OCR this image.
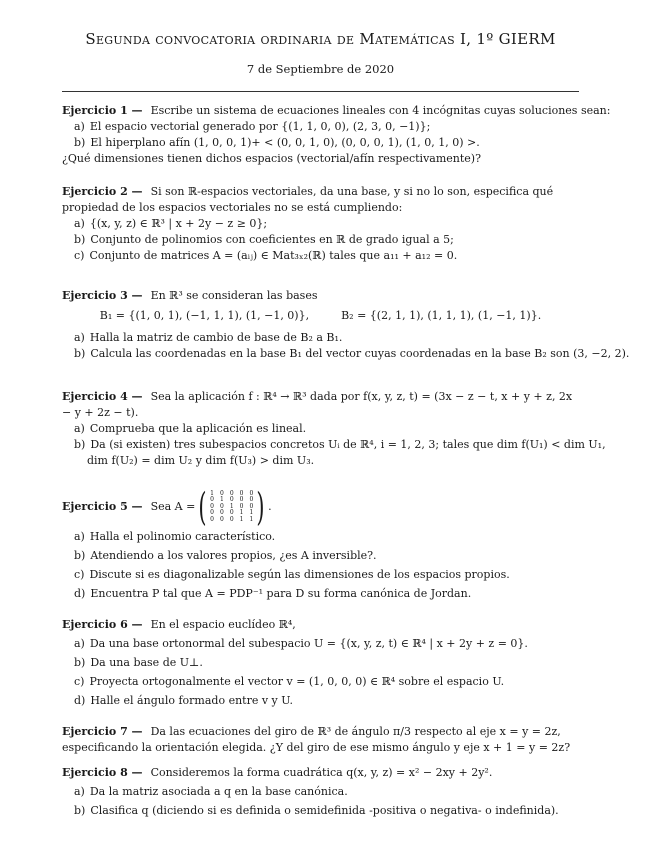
Segunda convocatoria ordinaria de Matemáticas I, 1º GIERM
7 de Septiembre de 2020
Ejercicio 1 — Escribe un sistema de ecuaciones lineales con 4 incógnitas cuyas soluciones sean:
a) El espacio vectorial generado por {(1, 1, 0, 0), (2, 3, 0, −1)};
b) El hiperplano afín (1, 0, 0, 1)+ < (0, 0, 1, 0), (0, 0, 0, 1), (1, 0, 1, 0) >.
¿Qué dimensiones tienen dichos espacios (vectorial/afín respectivamente)?
Ejercicio 2 — Si son ℝ-espacios vectoriales, da una base, y si no lo son, especifica qué propiedad de los espacios vectoriales no se está cumpliendo:
a) {(x, y, z) ∈ ℝ³ | x + 2y − z ≥ 0};
b) Conjunto de polinomios con coeficientes en ℝ de grado igual a 5;
c) Conjunto de matrices A = (aᵢⱼ) ∈ Mat₃ₓ₂(ℝ) tales que a₁₁ + a₁₂ = 0.
Ejercicio 3 — En ℝ³ se consideran las bases
B₁ = {(1, 0, 1), (−1, 1, 1), (1, −1, 0)},	B₂ = {(2, 1, 1), (1, 1, 1), (1, −1, 1)}.
a) Halla la matriz de cambio de base de B₂ a B₁.
b) Calcula las coordenadas en la base B₁ del vector cuyas coordenadas en la base B₂ son (3, −2, 2).
Ejercicio 4 — Sea la aplicación f : ℝ⁴ → ℝ³ dada por f(x, y, z, t) = (3x − z − t, x + y + z, 2x − y + 2z − t).
a) Comprueba que la aplicación es lineal.
b) Da (si existen) tres subespacios concretos Uᵢ de ℝ⁴, i = 1, 2, 3; tales que dim f(U₁) < dim U₁,
dim f(U₂) = dim U₂ y dim f(U₃) > dim U₃.
Ejercicio 5 — Sea A = ( 1	0	0	0	0
0	1	0	0	0
0	0	1	0	0
0	0	0	1	1
0	0	0	1	1 ) .
a) Halla el polinomio característico.
b) Atendiendo a los valores propios, ¿es A inversible?.
c) Discute si es diagonalizable según las dimensiones de los espacios propios.
d) Encuentra P tal que A = PDP⁻¹ para D su forma canónica de Jordan.
Ejercicio 6 — En el espacio euclídeo ℝ⁴,
a) Da una base ortonormal del subespacio U = {(x, y, z, t) ∈ ℝ⁴ | x + 2y + z = 0}.
b) Da una base de U⊥.
c) Proyecta ortogonalmente el vector v = (1, 0, 0, 0) ∈ ℝ⁴ sobre el espacio U.
d) Halle el ángulo formado entre v y U.
Ejercicio 7 — Da las ecuaciones del giro de ℝ³ de ángulo π/3 respecto al eje x = y = 2z, especificando la orientación elegida. ¿Y del giro de ese mismo ángulo y eje x + 1 = y = 2z?
Ejercicio 8 — Consideremos la forma cuadrática q(x, y, z) = x² − 2xy + 2y².
a) Da la matriz asociada a q en la base canónica.
b) Clasifica q (diciendo si es definida o semidefinida -positiva o negativa- o indefinida).
